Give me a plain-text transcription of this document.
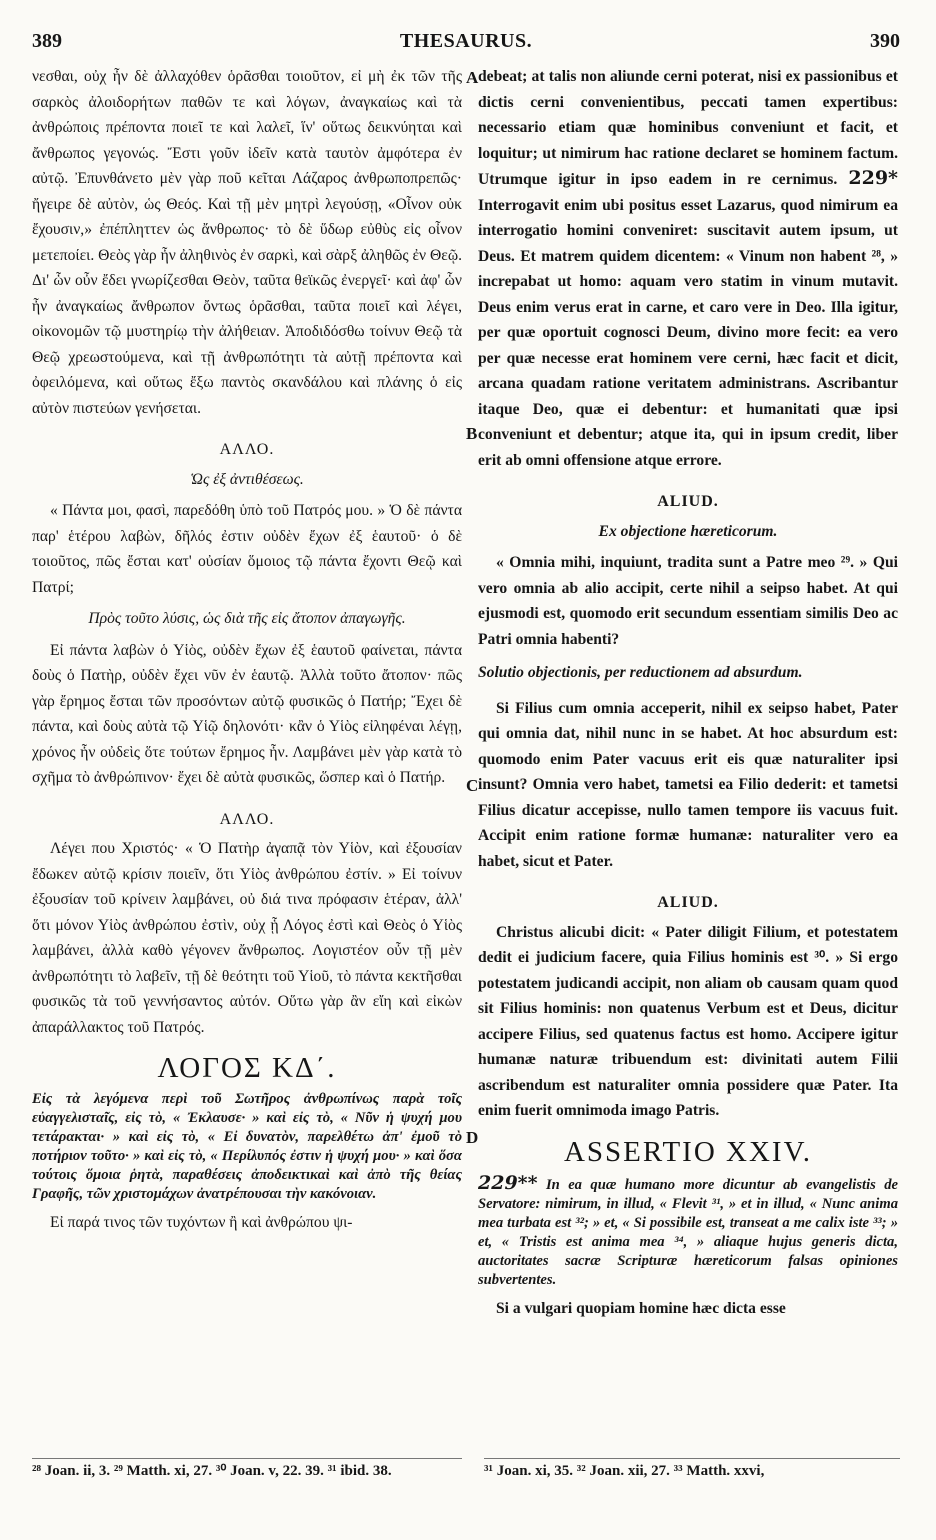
389	THESAURUS.	390

νεσθαι, οὐχ ἦν δὲ ἀλλαχόθεν ὁρᾶσθαι τοιοῦτον, εἰ μὴ ἐκ τῶν τῆς σαρκὸς ἀλοιδορήτων παθῶν τε καὶ λόγων, ἀναγκαίως καὶ τὰ ἀνθρώποις πρέποντα ποιεῖ τε καὶ λαλεῖ, ἵν' οὕτως δεικνύηται καὶ ἄνθρωπος γεγονώς. Ἔστι γοῦν ἰδεῖν κατὰ ταυτὸν ἀμφότερα ἐν αὐτῷ. Ἐπυνθάνετο μὲν γὰρ ποῦ κεῖται Λάζαρος ἀνθρωποπρεπῶς· ἤγειρε δὲ αὐτὸν, ὡς Θεός. Καὶ τῇ μὲν μητρὶ λεγούσῃ, «Οἶνον οὐκ ἔχουσιν,» ἐπέπληττεν ὡς ἄνθρωπος· τὸ δὲ ὕδωρ εὐθὺς εἰς οἶνον μετεποίει. Θεὸς γὰρ ἦν ἀληθινὸς ἐν σαρκὶ, καὶ σὰρξ ἀληθῶς ἐν Θεῷ. Δι' ὧν οὖν ἔδει γνωρίζεσθαι Θεὸν, ταῦτα θεϊκῶς ἐνεργεῖ· καὶ ἀφ' ὧν ἦν ἀναγκαίως ἄνθρωπον ὄντως ὁρᾶσθαι, ταῦτα ποιεῖ καὶ λέγει, οἰκονομῶν τῷ μυστηρίῳ τὴν ἀλήθειαν. Ἀποδιδόσθω τοίνυν Θεῷ τὰ Θεῷ χρεωστούμενα, καὶ τῇ ἀνθρωπότητι τὰ αὐτῇ πρέποντα καὶ ὀφειλόμενα, καὶ οὕτως ἔξω παντὸς σκανδάλου καὶ πλάνης ὁ εἰς αὐτὸν πιστεύων γενήσεται.

ΑΛΛΟ.
Ὡς ἐξ ἀντιθέσεως.

« Πάντα μοι, φασὶ, παρεδόθη ὑπὸ τοῦ Πατρός μου. » Ὁ δὲ πάντα παρ' ἑτέρου λαβὼν, δῆλός ἐστιν οὐδὲν ἔχων ἐξ ἑαυτοῦ· ὁ δὲ τοιοῦτος, πῶς ἔσται κατ' οὐσίαν ὅμοιος τῷ πάντα ἔχοντι Θεῷ καὶ Πατρί;

Πρὸς τοῦτο λύσις, ὡς διὰ τῆς εἰς ἄτοπον ἀπαγωγῆς.

Εἰ πάντα λαβὼν ὁ Υἱὸς, οὐδὲν ἔχων ἐξ ἑαυτοῦ φαίνεται, πάντα δοὺς ὁ Πατὴρ, οὐδὲν ἔχει νῦν ἐν ἑαυτῷ. Ἀλλὰ τοῦτο ἄτοπον· πῶς γὰρ ἔρημος ἔσται τῶν προσόντων αὐτῷ φυσικῶς ὁ Πατήρ; Ἔχει δὲ πάντα, καὶ δοὺς αὐτὰ τῷ Υἱῷ δηλονότι· κἂν ὁ Υἱὸς εἰληφέναι λέγῃ, χρόνος ἦν οὐδεὶς ὅτε τούτων ἔρημος ἦν. Λαμβάνει μὲν γὰρ κατὰ τὸ σχῆμα τὸ ἀνθρώπινον· ἔχει δὲ αὐτὰ φυσικῶς, ὥσπερ καὶ ὁ Πατήρ.

ΑΛΛΟ.

Λέγει που Χριστός· « Ὁ Πατὴρ ἀγαπᾷ τὸν Υἱὸν, καὶ ἐξουσίαν ἔδωκεν αὐτῷ κρίσιν ποιεῖν, ὅτι Υἱὸς ἀνθρώπου ἐστίν. » Εἰ τοίνυν ἐξουσίαν τοῦ κρίνειν λαμβάνει, οὐ διά τινα πρόφασιν ἑτέραν, ἀλλ' ὅτι μόνον Υἱὸς ἀνθρώπου ἐστὶν, οὐχ ᾗ Λόγος ἐστὶ καὶ Θεὸς ὁ Υἱὸς λαμβάνει, ἀλλὰ καθὸ γέγονεν ἄνθρωπος. Λογιστέον οὖν τῇ μὲν ἀνθρωπότητι τὸ λαβεῖν, τῇ δὲ θεότητι τοῦ Υἱοῦ, τὸ πάντα κεκτῆσθαι φυσικῶς τὰ τοῦ γεννήσαντος αὐτόν. Οὕτω γὰρ ἂν εἴη καὶ εἰκὼν ἀπαράλλακτος τοῦ Πατρός.

ΛΟΓΟΣ ΚΔ΄.

Εἰς τὰ λεγόμενα περὶ τοῦ Σωτῆρος ἀνθρωπίνως παρὰ τοῖς εὐαγγελισταῖς, εἰς τὸ, « Ἐκλαυσε· » καὶ εἰς τὸ, « Νῦν ἡ ψυχή μου τετάρακται· » καὶ εἰς τὸ, « Εἰ δυνατὸν, παρελθέτω ἀπ' ἐμοῦ τὸ ποτήριον τοῦτο· » καὶ εἰς τὸ, « Περίλυπός ἐστιν ἡ ψυχή μου· » καὶ ὅσα τούτοις ὅμοια ῥητὰ, παραθέσεις ἀποδεικτικαὶ καὶ ἀπὸ τῆς θείας Γραφῆς, τῶν χριστομάχων ἀνατρέπουσαι τὴν κακόνοιαν.

Εἰ παρά τινος τῶν τυχόντων ἢ καὶ ἀνθρώπου ψι-

A
B
C
D

debeat; at talis non aliunde cerni poterat, nisi ex passionibus et dictis cerni convenientibus, peccati tamen expertibus: necessario etiam quæ hominibus conveniunt et facit, et loquitur; ut nimirum hac ratione declaret se hominem factum. Utrumque igitur in ipso eadem in re cernimus. 229* Interrogavit enim ubi positus esset Lazarus, quod nimirum ea interrogatio homini conveniret: suscitavit autem ipsum, ut Deus. Et matrem quidem dicentem: « Vinum non habent ²⁸, » increpabat ut homo: aquam vero statim in vinum mutavit. Deus enim verus erat in carne, et caro vere in Deo. Illa igitur, per quæ oportuit cognosci Deum, divino more fecit: ea vero per quæ necesse erat hominem vere cerni, hæc facit et dicit, arcana quadam ratione veritatem administrans. Ascribantur itaque Deo, quæ ei debentur: et humanitati quæ ipsi conveniunt et debentur; atque ita, qui in ipsum credit, liber erit ab omni offensione atque errore.

ALIUD.
Ex objectione hæreticorum.

« Omnia mihi, inquiunt, tradita sunt a Patre meo ²⁹. » Qui vero omnia ab alio accipit, certe nihil a seipso habet. At qui ejusmodi est, quomodo erit secundum essentiam similis Deo ac Patri omnia habenti?

Solutio objectionis, per reductionem ad absurdum.

Si Filius cum omnia acceperit, nihil ex seipso habet, Pater qui omnia dat, nihil nunc in se habet. At hoc absurdum est: quomodo enim Pater vacuus erit eis quæ naturaliter ipsi insunt? Omnia vero habet, tametsi ea Filio dederit: et tametsi Filius dicatur accepisse, nullo tamen tempore iis vacuus fuit. Accipit enim ratione formæ humanæ: naturaliter vero ea habet, sicut et Pater.

ALIUD.

Christus alicubi dicit: « Pater diligit Filium, et potestatem dedit ei judicium facere, quia Filius hominis est ³⁰. » Si ergo potestatem judicandi accipit, non aliam ob causam quam quod sit Filius hominis: non quatenus Verbum est et Deus, dicitur accipere Filius, sed quatenus factus est homo. Accipere igitur humanæ naturæ tribuendum est: divinitati autem Filii ascribendum est naturaliter omnia possidere quæ Pater. Ita enim fuerit omnimoda imago Patris.

ASSERTIO XXIV.

229** In ea quæ humano more dicuntur ab evangelistis de Servatore: nimirum, in illud, « Flevit ³¹, » et in illud, « Nunc anima mea turbata est ³²; » et, « Si possibile est, transeat a me calix iste ³³; » et, « Tristis est anima mea ³⁴, » aliaque hujus generis dicta, auctoritates sacræ Scripturæ hæreticorum falsas opiniones subvertentes.

Si a vulgari quopiam homine hæc dicta esse

²⁸ Joan. ii, 3. ²⁹ Matth. xi, 27. ³⁰ Joan. v, 22. 39. ³¹ ibid. 38.	³¹ Joan. xi, 35. ³² Joan. xii, 27. ³³ Matth. xxvi,
